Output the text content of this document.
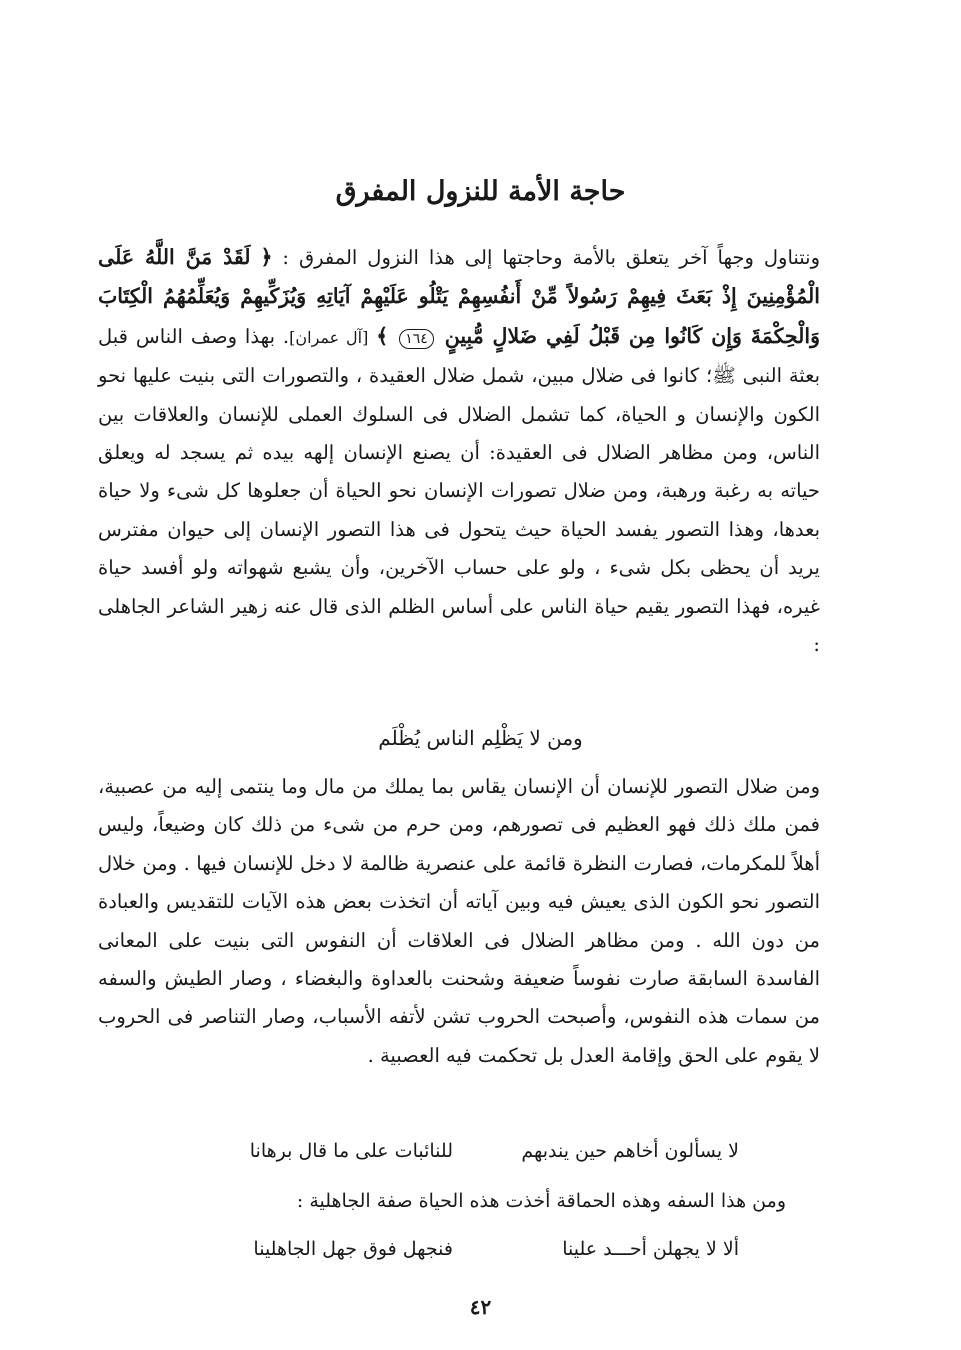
حاجة الأمة للنزول المفرق
ونتناول وجهاً آخر يتعلق بالأمة وحاجتها إلى هذا النزول المفرق : ﴿ لَقَدْ مَنَّ اللَّهُ عَلَى الْمُؤْمِنِينَ إِذْ بَعَثَ فِيهِمْ رَسُولاً مِّنْ أَنفُسِهِمْ يَتْلُو عَلَيْهِمْ آيَاتِهِ وَيُزَكِّيهِمْ وَيُعَلِّمُهُمُ الْكِتَابَ وَالْحِكْمَةَ وَإِن كَانُوا مِن قَبْلُ لَفِي ضَلالٍ مُّبِينٍ ١٦٤ ﴾ [آل عمران]. بهذا وصف الناس قبل بعثة النبى ﷺ؛ كانوا فى ضلال مبين، شمل ضلال العقيدة ، والتصورات التى بنيت عليها نحو الكون والإنسان و الحياة، كما تشمل الضلال فى السلوك العملى للإنسان والعلاقات بين الناس، ومن مظاهر الضلال فى العقيدة: أن يصنع الإنسان إلهه بيده ثم يسجد له ويعلق حياته به رغبة ورهبة، ومن ضلال تصورات الإنسان نحو الحياة أن جعلوها كل شىء ولا حياة بعدها، وهذا التصور يفسد الحياة حيث يتحول فى هذا التصور الإنسان إلى حيوان مفترس يريد أن يحظى بكل شىء ، ولو على حساب الآخرين، وأن يشبع شهواته ولو أفسد حياة غيره، فهذا التصور يقيم حياة الناس على أساس الظلم الذى قال عنه زهير الشاعر الجاهلى :
ومن لا يَظْلِم الناس يُظْلَم
ومن ضلال التصور للإنسان أن الإنسان يقاس بما يملك من مال وما ينتمى إليه من عصبية، فمن ملك ذلك فهو العظيم فى تصورهم، ومن حرم من شىء من ذلك كان وضيعاً، وليس أهلاً للمكرمات، فصارت النظرة قائمة على عنصرية ظالمة لا دخل للإنسان فيها . ومن خلال التصور نحو الكون الذى يعيش فيه وبين آياته أن اتخذت بعض هذه الآيات للتقديس والعبادة من دون الله . ومن مظاهر الضلال فى العلاقات أن النفوس التى بنيت على المعانى الفاسدة السابقة صارت نفوساً ضعيفة وشحنت بالعداوة والبغضاء ، وصار الطيش والسفه من سمات هذه النفوس، وأصبحت الحروب تشن لأتفه الأسباب، وصار التناصر فى الحروب لا يقوم على الحق وإقامة العدل بل تحكمت فيه العصبية .
لا يسألون أخاهم حين يندبهم
للنائبات على ما قال برهانا
ومن هذا السفه وهذه الحماقة أخذت هذه الحياة صفة الجاهلية :
ألا لا يجهلن أحـــد علينا
فنجهل فوق جهل الجاهلينا
٤٢
